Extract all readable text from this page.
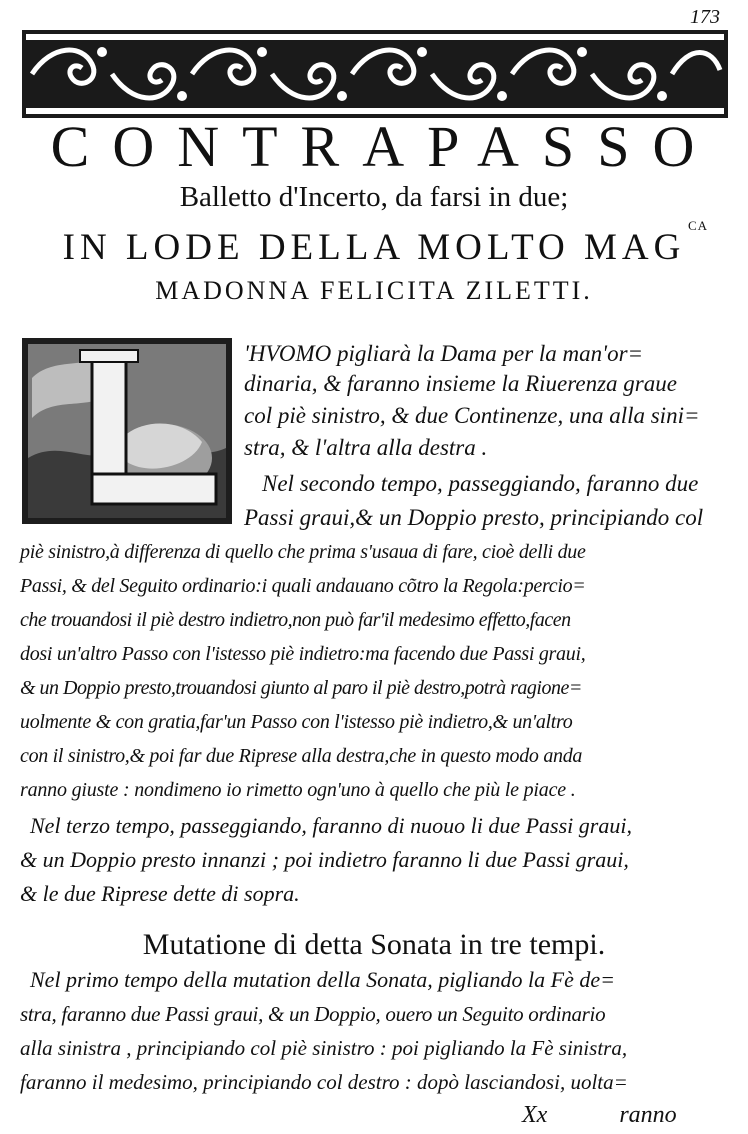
173
CONTRAPASSO
Balletto d'Incerto, da farsi in due;
CA
IN LODE DELLA MOLTO MAG
MADONNA FELICITA ZILETTI.
'HVOMO pigliarà la Dama per la man'or=
dinaria, & faranno insieme la Riuerenza graue
col piè sinistro, & due Continenze, una alla sini=
stra, & l'altra alla destra .
Nel secondo tempo, passeggiando, faranno due
Passi graui,& un Doppio presto, principiando col
piè sinistro,à differenza di quello che prima s'usaua di fare, cioè delli due
Passi, & del Seguito ordinario:i quali andauano cõtro la Regola:percio=
che trouandosi il piè destro indietro,non può far'il medesimo effetto,facen
dosi un'altro Passo con l'istesso piè indietro:ma facendo due Passi graui,
& un Doppio presto,trouandosi giunto al paro il piè destro,potrà ragione=
uolmente & con gratia,far'un Passo con l'istesso piè indietro,& un'altro
con il sinistro,& poi far due Riprese alla destra,che in questo modo anda
ranno giuste : nondimeno io rimetto ogn'uno à quello che più le piace .
Nel terzo tempo, passeggiando, faranno di nuouo li due Passi graui,
& un Doppio presto innanzi ; poi indietro faranno li due Passi graui,
& le due Riprese dette di sopra.
Mutatione di detta Sonata in tre tempi.
Nel primo tempo della mutation della Sonata, pigliando la Fè de=
stra, faranno due Passi graui, & un Doppio, ouero un Seguito ordinario
alla sinistra , principiando col piè sinistro : poi pigliando la Fè sinistra,
faranno il medesimo, principiando col destro : dopò lasciandosi, uolta=
Xx	ranno
